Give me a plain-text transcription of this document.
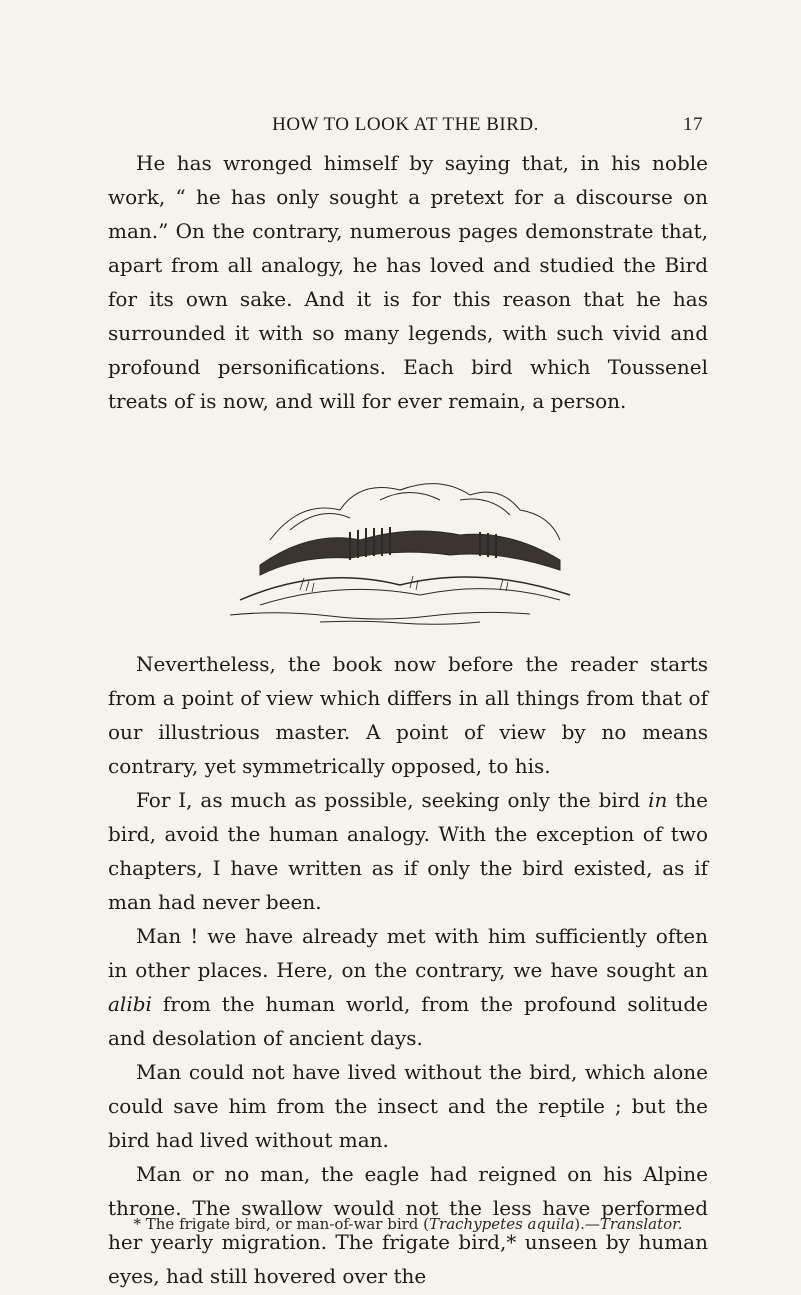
HOW TO LOOK AT THE BIRD.	17

He has wronged himself by saying that, in his noble work, “ he has only sought a pretext for a discourse on man.” On the contrary, numerous pages demonstrate that, apart from all analogy, he has loved and studied the Bird for its own sake. And it is for this reason that he has surrounded it with so many legends, with such vivid and profound personifications. Each bird which Toussenel treats of is now, and will for ever remain, a person.

Nevertheless, the book now before the reader starts from a point of view which differs in all things from that of our illustrious master. A point of view by no means contrary, yet symmetrically opposed, to his.

For I, as much as possible, seeking only the bird in the bird, avoid the human analogy. With the exception of two chapters, I have written as if only the bird existed, as if man had never been.

Man ! we have already met with him sufficiently often in other places. Here, on the contrary, we have sought an alibi from the human world, from the profound solitude and desolation of ancient days.

Man could not have lived without the bird, which alone could save him from the insect and the reptile ; but the bird had lived without man.

Man or no man, the eagle had reigned on his Alpine throne. The swallow would not the less have performed her yearly migration. The frigate bird,* unseen by human eyes, had still hovered over the

* The frigate bird, or man-of-war bird (Trachypetes aquila).—Translator.
